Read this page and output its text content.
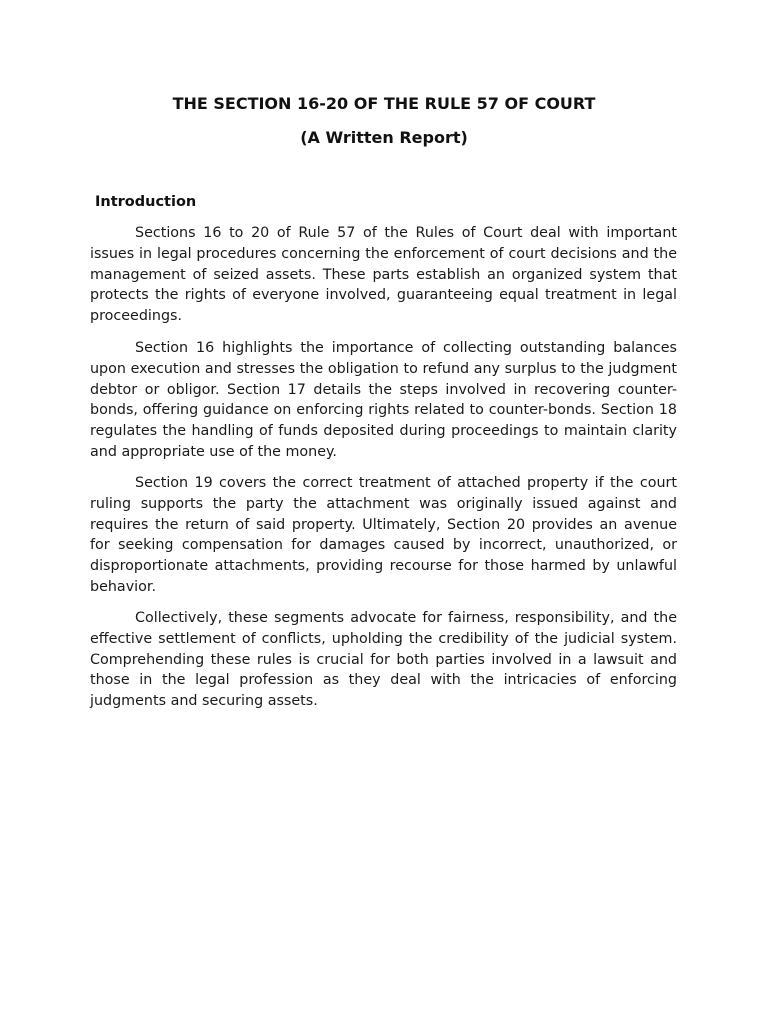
THE SECTION 16-20 OF THE RULE 57 OF COURT
(A Written Report)
Introduction

Sections 16 to 20 of Rule 57 of the Rules of Court deal with important issues in legal procedures concerning the enforcement of court decisions and the management of seized assets. These parts establish an organized system that protects the rights of everyone involved, guaranteeing equal treatment in legal proceedings.

Section 16 highlights the importance of collecting outstanding balances upon execution and stresses the obligation to refund any surplus to the judgment debtor or obligor. Section 17 details the steps involved in recovering counter-bonds, offering guidance on enforcing rights related to counter-bonds. Section 18 regulates the handling of funds deposited during proceedings to maintain clarity and appropriate use of the money.

Section 19 covers the correct treatment of attached property if the court ruling supports the party the attachment was originally issued against and requires the return of said property. Ultimately, Section 20 provides an avenue for seeking compensation for damages caused by incorrect, unauthorized, or disproportionate attachments, providing recourse for those harmed by unlawful behavior.

Collectively, these segments advocate for fairness, responsibility, and the effective settlement of conflicts, upholding the credibility of the judicial system. Comprehending these rules is crucial for both parties involved in a lawsuit and those in the legal profession as they deal with the intricacies of enforcing judgments and securing assets.
